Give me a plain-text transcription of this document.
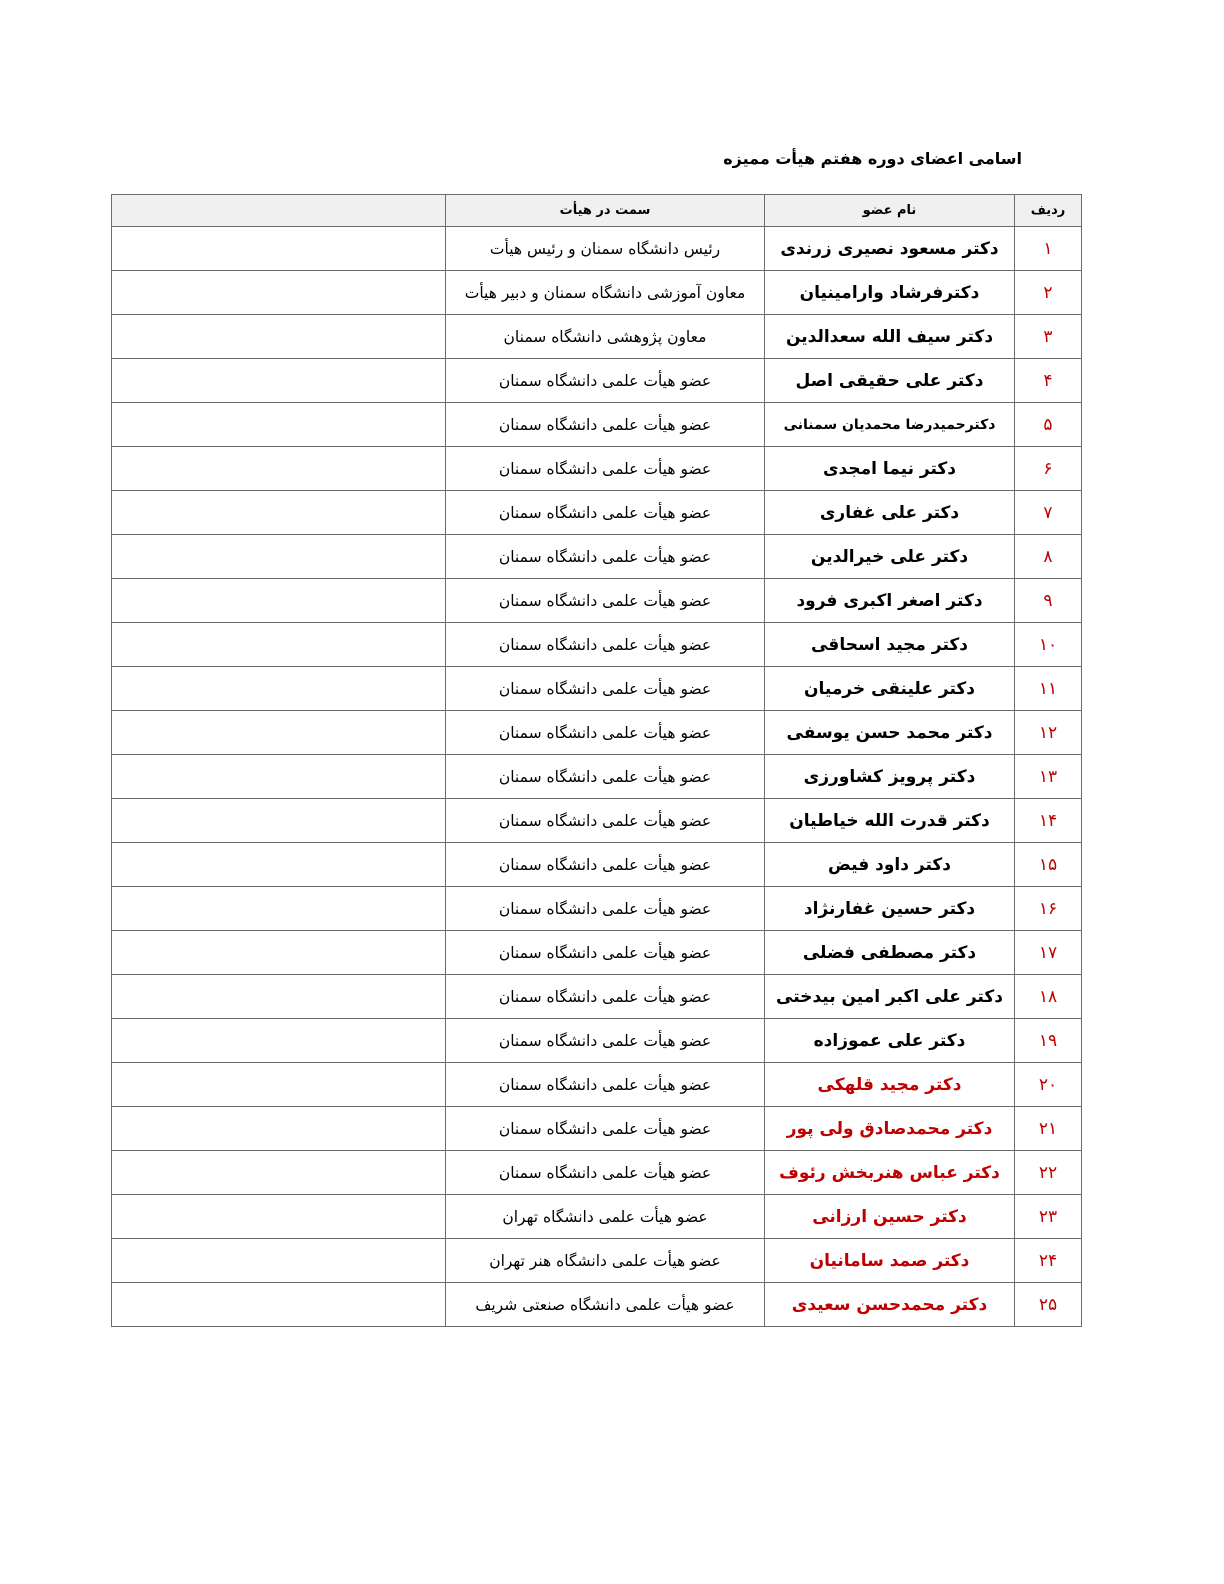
اسامی اعضای دوره هفتم هیأت ممیزه
	سمت در هیأت	نام عضو	ردیف
	رئیس دانشگاه سمنان و رئیس هیأت	دکتر مسعود نصیری زرندی	۱
	معاون آموزشی دانشگاه سمنان و دبیر هیأت	دکترفرشاد وارامینیان	۲
	معاون پژوهشی دانشگاه سمنان	دکتر سیف الله سعدالدین	۳
	عضو هیأت علمی دانشگاه سمنان	دکتر علی حقیقی اصل	۴
	عضو هیأت علمی دانشگاه سمنان	دکترحمیدرضا محمدیان سمنانی	۵
	عضو هیأت علمی دانشگاه سمنان	دکتر نیما امجدی	۶
	عضو هیأت علمی دانشگاه سمنان	دکتر علی غفاری	۷
	عضو هیأت علمی دانشگاه سمنان	دکتر علی خیرالدین	۸
	عضو هیأت علمی دانشگاه سمنان	دکتر اصغر اکبری فرود	۹
	عضو هیأت علمی دانشگاه سمنان	دکتر مجید اسحاقی	۱۰
	عضو هیأت علمی دانشگاه سمنان	دکتر علینقی خرمیان	۱۱
	عضو هیأت علمی دانشگاه سمنان	دکتر محمد حسن یوسفی	۱۲
	عضو هیأت علمی دانشگاه سمنان	دکتر پرویز کشاورزی	۱۳
	عضو هیأت علمی دانشگاه سمنان	دکتر قدرت الله خیاطیان	۱۴
	عضو هیأت علمی دانشگاه سمنان	دکتر داود فیض	۱۵
	عضو هیأت علمی دانشگاه سمنان	دکتر حسین غفارنژاد	۱۶
	عضو هیأت علمی دانشگاه سمنان	دکتر مصطفی فضلی	۱۷
	عضو هیأت علمی دانشگاه سمنان	دکتر علی اکبر امین بیدختی	۱۸
	عضو هیأت علمی دانشگاه سمنان	دکتر علی عموزاده	۱۹
	عضو هیأت علمی دانشگاه سمنان	دکتر مجید قلهکی	۲۰
	عضو هیأت علمی دانشگاه سمنان	دکتر محمدصادق ولی پور	۲۱
	عضو هیأت علمی دانشگاه سمنان	دکتر عباس هنربخش رئوف	۲۲
	عضو هیأت علمی دانشگاه تهران	دکتر حسین ارزانی	۲۳
	عضو هیأت علمی دانشگاه هنر تهران	دکتر صمد سامانیان	۲۴
	عضو هیأت علمی دانشگاه صنعتی شریف	دکتر محمدحسن سعیدی	۲۵
